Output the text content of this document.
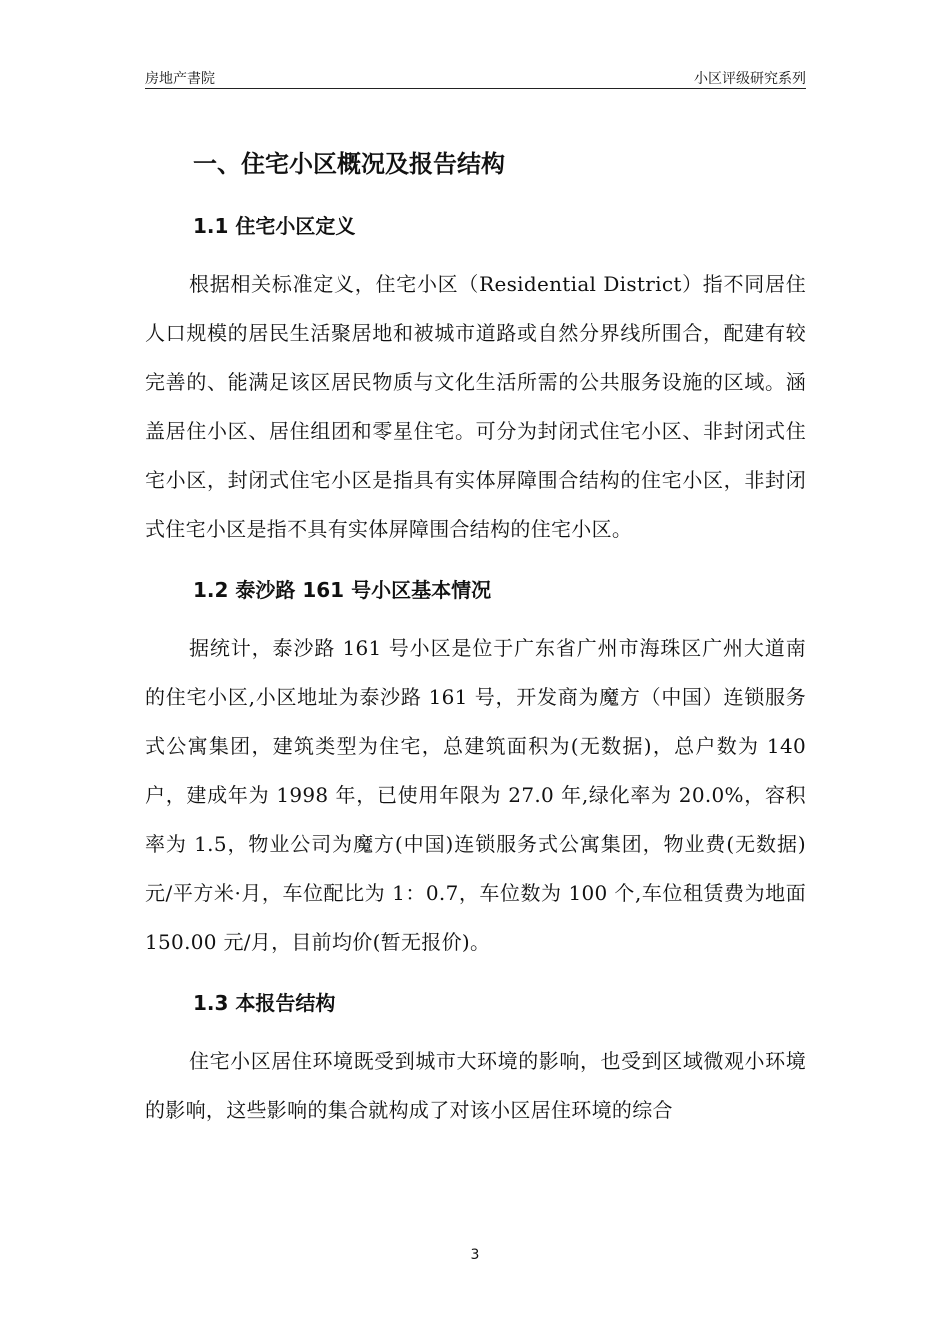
房地产書院	小区评级研究系列
一、住宅小区概况及报告结构
1.1 住宅小区定义

根据相关标准定义，住宅小区（Residential District）指不同居住人口规模的居民生活聚居地和被城市道路或自然分界线所围合，配建有较完善的、能满足该区居民物质与文化生活所需的公共服务设施的区域。涵盖居住小区、居住组团和零星住宅。可分为封闭式住宅小区、非封闭式住宅小区，封闭式住宅小区是指具有实体屏障围合结构的住宅小区，非封闭式住宅小区是指不具有实体屏障围合结构的住宅小区。

1.2 泰沙路 161 号小区基本情况

据统计，泰沙路 161 号小区是位于广东省广州市海珠区广州大道南的住宅小区,小区地址为泰沙路 161 号，开发商为魔方（中国）连锁服务式公寓集团，建筑类型为住宅，总建筑面积为(无数据)，总户数为 140 户，建成年为 1998 年，已使用年限为 27.0 年,绿化率为 20.0%，容积率为 1.5，物业公司为魔方(中国)连锁服务式公寓集团，物业费(无数据)元/平方米·月，车位配比为 1：0.7，车位数为 100 个,车位租赁费为地面 150.00 元/月，目前均价(暂无报价)。

1.3 本报告结构

住宅小区居住环境既受到城市大环境的影响，也受到区域微观小环境的影响，这些影响的集合就构成了对该小区居住环境的综合

3
